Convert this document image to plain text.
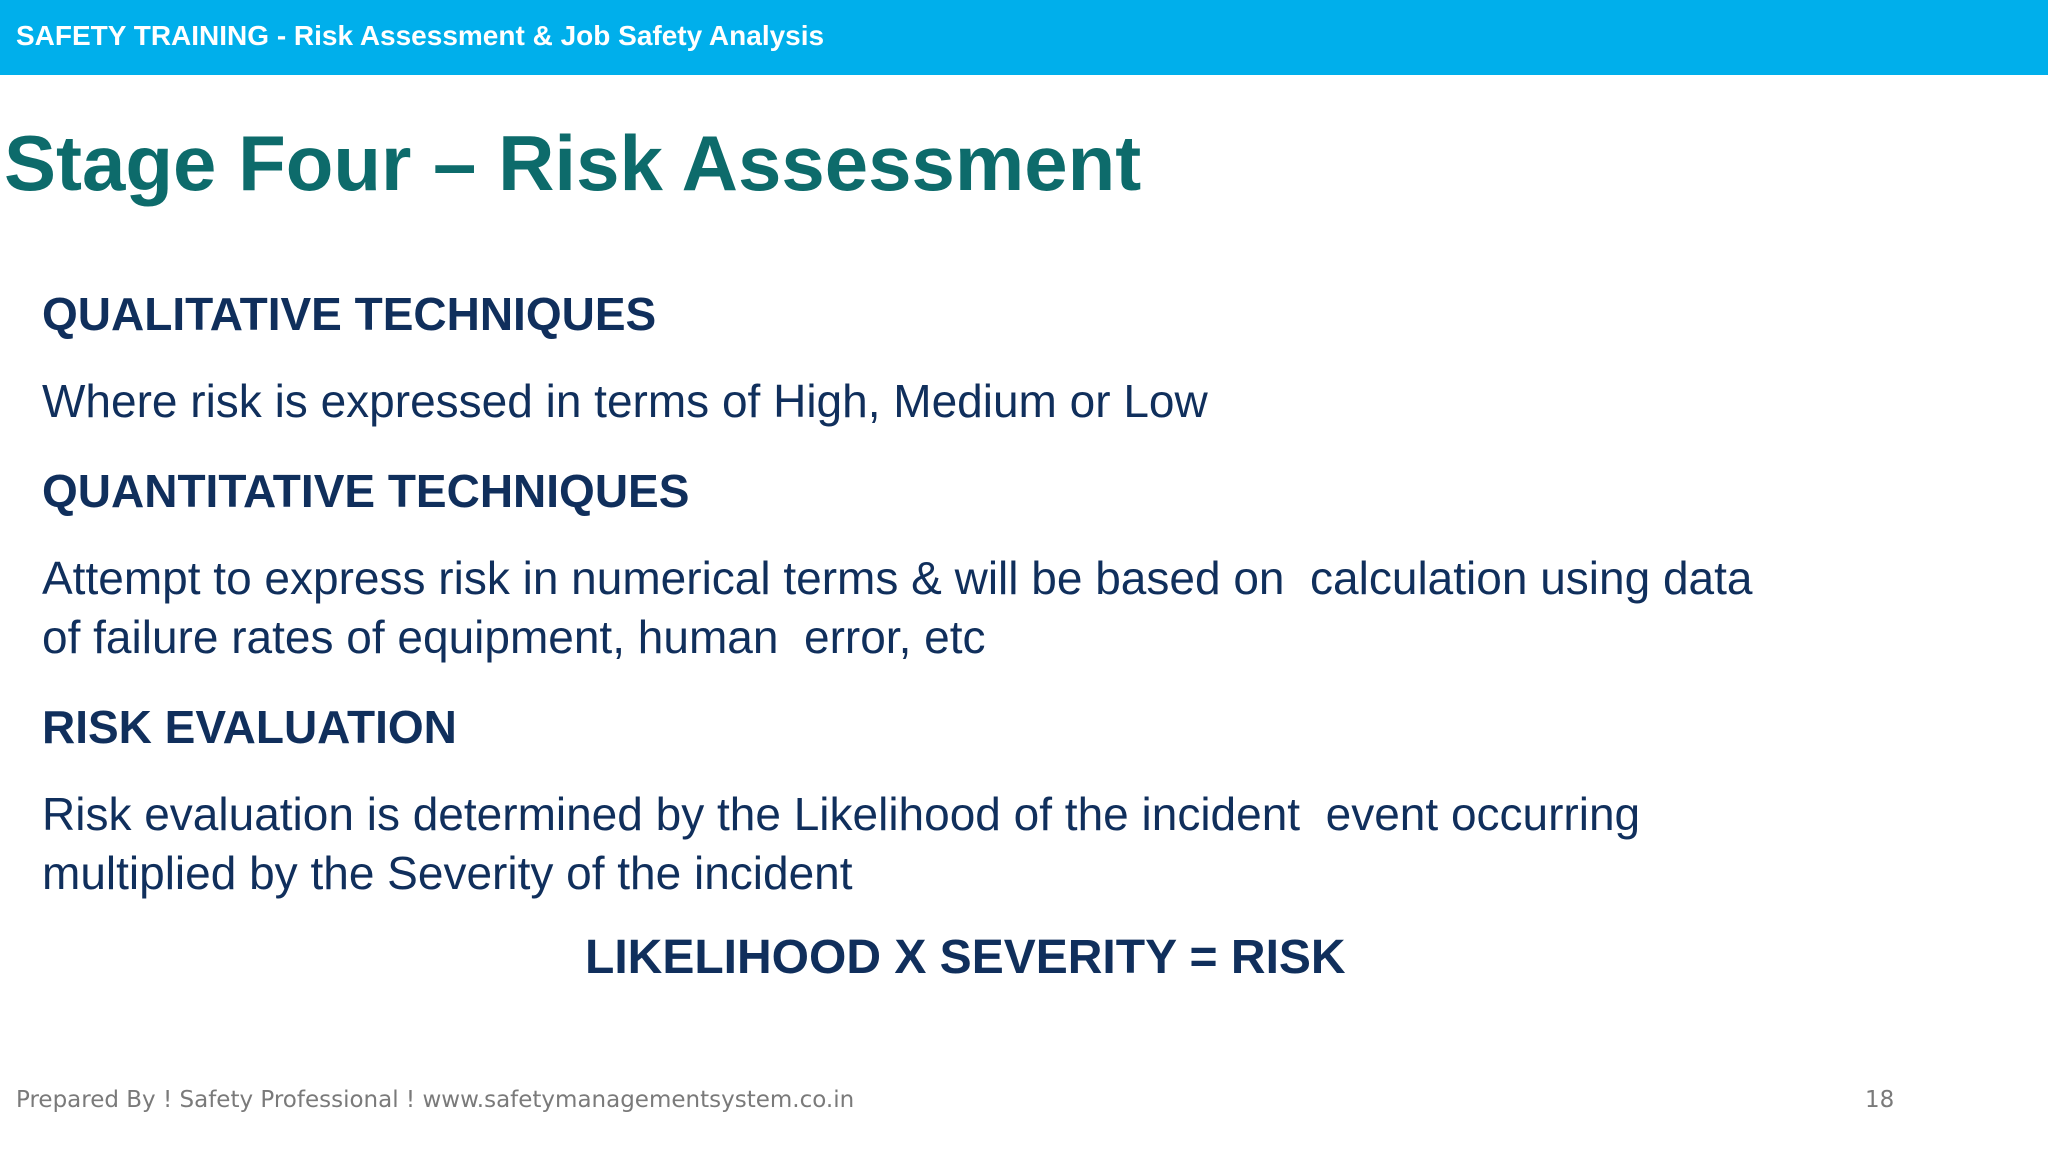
SAFETY TRAINING - Risk Assessment & Job Safety Analysis
Stage Four – Risk Assessment
QUALITATIVE TECHNIQUES
Where risk is expressed in terms of High, Medium or Low
QUANTITATIVE TECHNIQUES
Attempt to express risk in numerical terms & will be based on  calculation using data
of failure rates of equipment, human  error, etc
RISK EVALUATION
Risk evaluation is determined by the Likelihood of the incident  event occurring
multiplied by the Severity of the incident
LIKELIHOOD X SEVERITY = RISK
Prepared By ! Safety Professional ! www.safetymanagementsystem.co.in	18
